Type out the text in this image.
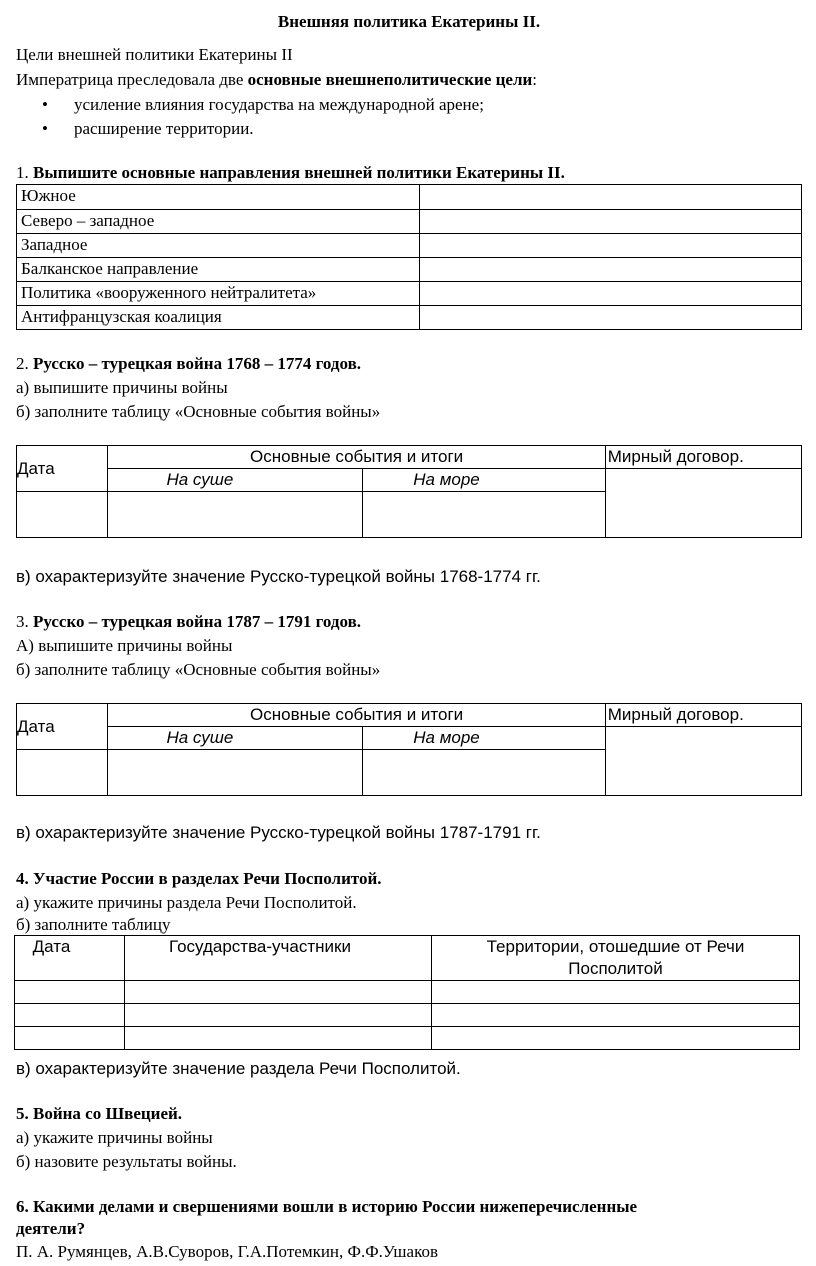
Внешняя политика Екатерины II.
Цели внешней политики Екатерины II
Императрица преследовала две основные внешнеполитические цели:
• усиление влияния государства на международной арене;
• расширение территории.
1. Выпишите основные направления внешней политики Екатерины II.
Южное	
Северо – западное	
Западное	
Балканское направление	
Политика «вооруженного нейтралитета»	
Антифранцузская коалиция	
2. Русско – турецкая война 1768 – 1774 годов.
а) выпишите причины войны
б) заполните таблицу «Основные события войны»
Дата	Основные события и итоги		Мирный договор.
	На суше	На море	

в) охарактеризуйте значение Русско-турецкой войны 1768-1774 гг.
3. Русско – турецкая война 1787 – 1791 годов.
А) выпишите причины войны
б) заполните таблицу «Основные события войны»
Дата	Основные события и итоги		Мирный договор.
	На суше	На море	

в) охарактеризуйте значение Русско-турецкой войны 1787-1791 гг.
4. Участие России в разделах Речи Посполитой.
а) укажите причины раздела Речи Посполитой.
б) заполните таблицу
Дата	Государства-участники	Территории, отошедшие от Речи Посполитой

в) охарактеризуйте значение раздела Речи Посполитой.
5. Война со Швецией.
а) укажите причины войны
б) назовите результаты войны.
6. Какими делами и свершениями вошли в историю России нижеперечисленные
деятели?
П. А. Румянцев, А.В.Суворов, Г.А.Потемкин, Ф.Ф.Ушаков
